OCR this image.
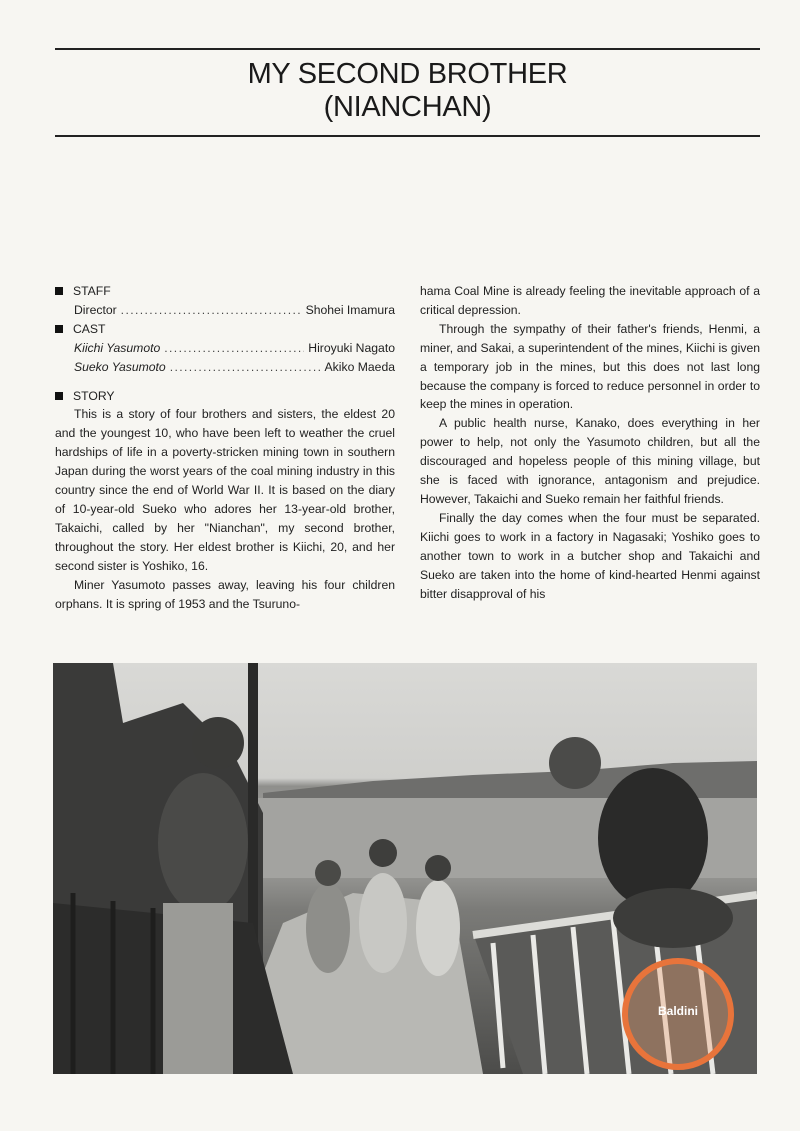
MY SECOND BROTHER
(NIANCHAN)
STAFF
Director . . .	Shohei Imamura
CAST
Kiichi Yasumoto . . .	Hiroyuki Nagato
Sueko Yasumoto . . .	Akiko Maeda
STORY

This is a story of four brothers and sisters, the eldest 20 and the youngest 10, who have been left to weather the cruel hardships of life in a poverty-stricken mining town in southern Japan during the worst years of the coal mining industry in this country since the end of World War II. It is based on the diary of 10-year-old Sueko who adores her 13-year-old brother, Takaichi, called by her "Nianchan", my second brother, throughout the story. Her eldest brother is Kiichi, 20, and her second sister is Yoshiko, 16.

Miner Yasumoto passes away, leaving his four children orphans. It is spring of 1953 and the Tsuruno-

hama Coal Mine is already feeling the inevitable approach of a critical depression.

Through the sympathy of their father's friends, Henmi, a miner, and Sakai, a superintendent of the mines, Kiichi is given a temporary job in the mines, but this does not last long because the company is forced to reduce personnel in order to keep the mines in operation.

A public health nurse, Kanako, does everything in her power to help, not only the Yasumoto children, but all the discouraged and hopeless people of this mining village, but she is faced with ignorance, antagonism and prejudice. However, Takaichi and Sueko remain her faithful friends.

Finally the day comes when the four must be separated. Kiichi goes to work in a factory in Nagasaki; Yoshiko goes to another town to work in a butcher shop and Takaichi and Sueko are taken into the home of kind-hearted Henmi against bitter disapproval of his

Baldini
